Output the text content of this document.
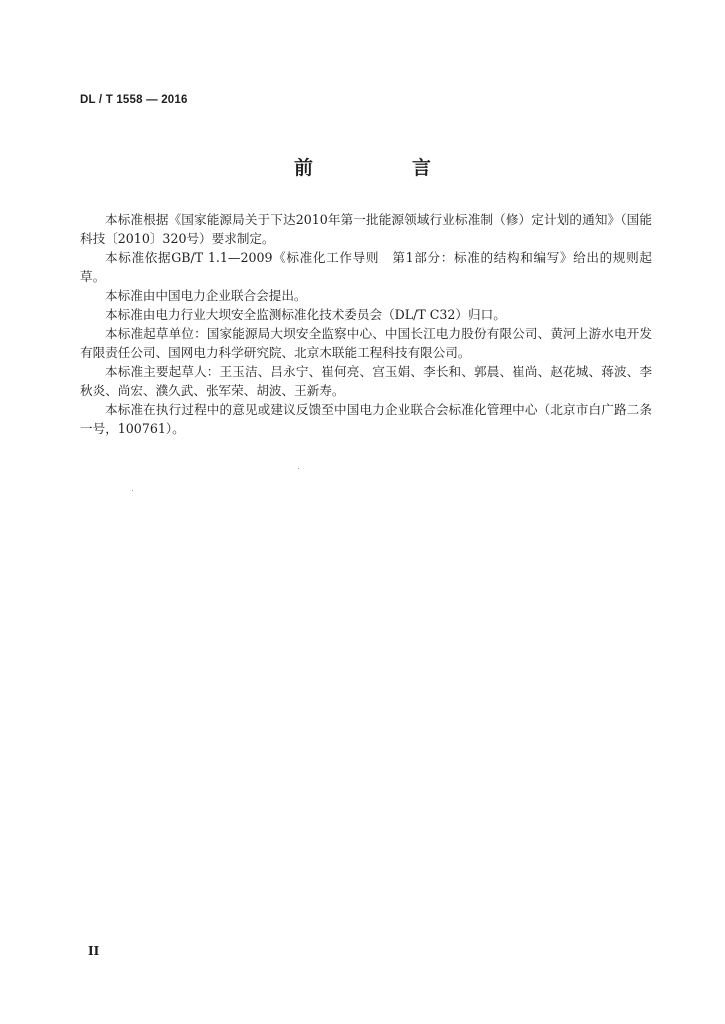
DL / T 1558 — 2016
前　言

本标准根据《国家能源局关于下达2010年第一批能源领域行业标准制（修）定计划的通知》（国能科技〔2010〕320号）要求制定。

本标准依据GB/T 1.1—2009《标准化工作导则　第1部分：标准的结构和编写》给出的规则起草。

本标准由中国电力企业联合会提出。

本标准由电力行业大坝安全监测标准化技术委员会（DL/T C32）归口。

本标准起草单位：国家能源局大坝安全监察中心、中国长江电力股份有限公司、黄河上游水电开发有限责任公司、国网电力科学研究院、北京木联能工程科技有限公司。

本标准主要起草人：王玉洁、吕永宁、崔何亮、宫玉娟、李长和、郭晨、崔尚、赵花城、蒋波、李秋炎、尚宏、濮久武、张军荣、胡波、王新寿。

本标准在执行过程中的意见或建议反馈至中国电力企业联合会标准化管理中心（北京市白广路二条一号，100761）。

II
